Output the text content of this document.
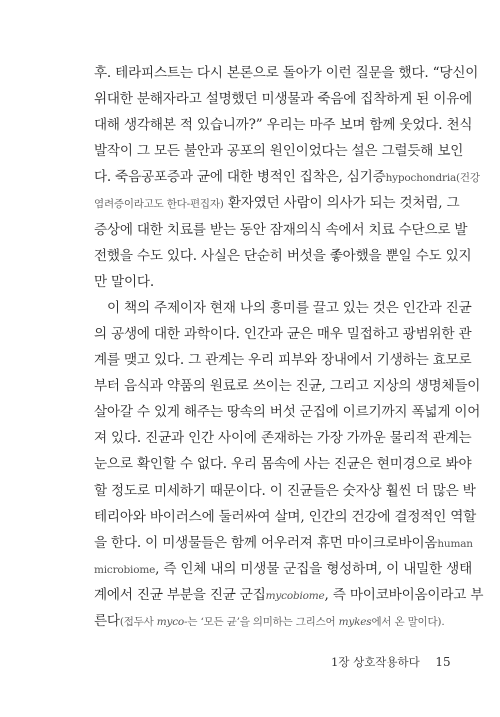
후. 테라피스트는 다시 본론으로 돌아가 이런 질문을 했다. “당신이
위대한 분해자라고 설명했던 미생물과 죽음에 집착하게 된 이유에
대해 생각해본 적 있습니까?” 우리는 마주 보며 함께 웃었다. 천식
발작이 그 모든 불안과 공포의 원인이었다는 설은 그럴듯해 보인
다. 죽음공포증과 균에 대한 병적인 집착은, 심기증hypochondria(건강
염려증이라고도 한다-편집자) 환자였던 사람이 의사가 되는 것처럼, 그
증상에 대한 치료를 받는 동안 잠재의식 속에서 치료 수단으로 발
전했을 수도 있다. 사실은 단순히 버섯을 좋아했을 뿐일 수도 있지
만 말이다.
이 책의 주제이자 현재 나의 흥미를 끌고 있는 것은 인간과 진균
의 공생에 대한 과학이다. 인간과 균은 매우 밀접하고 광범위한 관
계를 맺고 있다. 그 관계는 우리 피부와 장내에서 기생하는 효모로
부터 음식과 약품의 원료로 쓰이는 진균, 그리고 지상의 생명체들이
살아갈 수 있게 해주는 땅속의 버섯 군집에 이르기까지 폭넓게 이어
져 있다. 진균과 인간 사이에 존재하는 가장 가까운 물리적 관계는
눈으로 확인할 수 없다. 우리 몸속에 사는 진균은 현미경으로 봐야
할 정도로 미세하기 때문이다. 이 진균들은 숫자상 훨씬 더 많은 박
테리아와 바이러스에 둘러싸여 살며, 인간의 건강에 결정적인 역할
을 한다. 이 미생물들은 함께 어우러져 휴먼 마이크로바이옴human
microbiome, 즉 인체 내의 미생물 군집을 형성하며, 이 내밀한 생태
계에서 진균 부분을 진균 군집mycobiome, 즉 마이코바이옴이라고 부
른다(접두사 myco-는 ‘모든 균’을 의미하는 그리스어 mykes에서 온 말이다).
1장 상호작용하다 15
